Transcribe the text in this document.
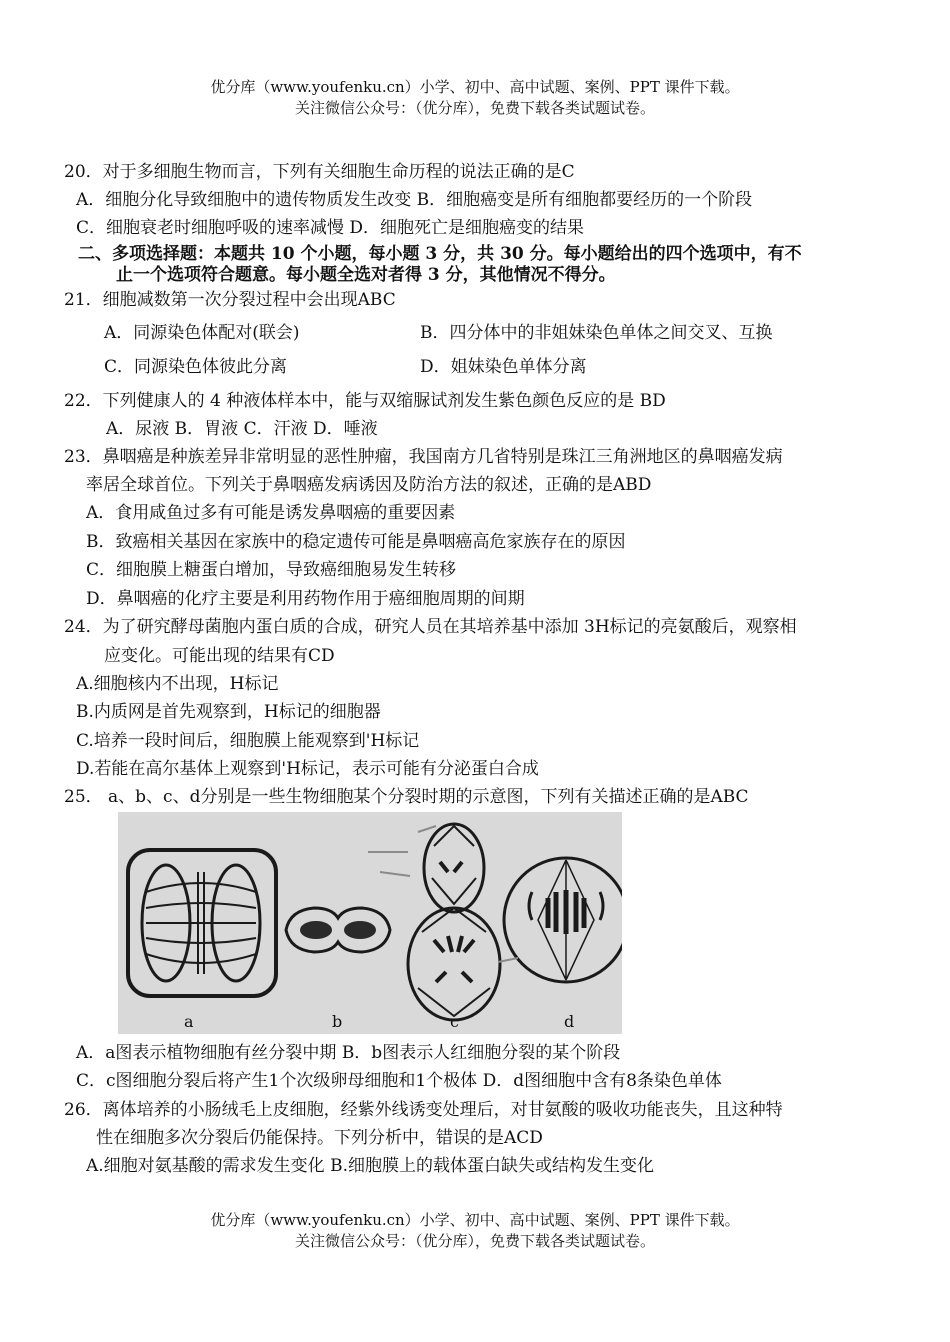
优分库（www.youfenku.cn）小学、初中、高中试题、案例、PPT 课件下载。
关注微信公众号：（优分库），免费下载各类试题试卷。
20．对于多细胞生物而言，下列有关细胞生命历程的说法正确的是C
A．细胞分化导致细胞中的遗传物质发生改变 B．细胞癌变是所有细胞都要经历的一个阶段
C．细胞衰老时细胞呼吸的速率减慢 D．细胞死亡是细胞癌变的结果
二、多项选择题：本题共 10 个小题，每小题 3 分，共 30 分。每小题给出的四个选项中，有不
止一个选项符合题意。每小题全选对者得 3 分，其他情况不得分。
21．细胞减数第一次分裂过程中会出现ABC
A．同源染色体配对(联会)	B．四分体中的非姐妹染色单体之间交叉、互换
C．同源染色体彼此分离	D．姐妹染色单体分离
22．下列健康人的 4 种液体样本中，能与双缩脲试剂发生紫色颜色反应的是 BD
A．尿液 B．胃液 C．汗液 D．唾液
23．鼻咽癌是种族差异非常明显的恶性肿瘤，我国南方几省特别是珠江三角洲地区的鼻咽癌发病
率居全球首位。下列关于鼻咽癌发病诱因及防治方法的叙述，正确的是ABD
A．食用咸鱼过多有可能是诱发鼻咽癌的重要因素
B．致癌相关基因在家族中的稳定遗传可能是鼻咽癌高危家族存在的原因
C．细胞膜上糖蛋白增加，导致癌细胞易发生转移
D．鼻咽癌的化疗主要是利用药物作用于癌细胞周期的间期
24．为了研究酵母菌胞内蛋白质的合成，研究人员在其培养基中添加 3H标记的亮氨酸后，观察相
应变化。可能出现的结果有CD
A.细胞核内不出现，H标记
B.内质网是首先观察到，H标记的细胞器
C.培养一段时间后，细胞膜上能观察到'H标记
D.若能在高尔基体上观察到'H标记，表示可能有分泌蛋白合成
25． a、b、c、d分别是一些生物细胞某个分裂时期的示意图，下列有关描述正确的是ABC
a	b	c	d
A．a图表示植物细胞有丝分裂中期 B．b图表示人红细胞分裂的某个阶段
C．c图细胞分裂后将产生1个次级卵母细胞和1个极体 D．d图细胞中含有8条染色单体
26．离体培养的小肠绒毛上皮细胞，经紫外线诱变处理后，对甘氨酸的吸收功能丧失，且这种特
性在细胞多次分裂后仍能保持。下列分析中，错误的是ACD
A.细胞对氨基酸的需求发生变化 B.细胞膜上的载体蛋白缺失或结构发生变化
优分库（www.youfenku.cn）小学、初中、高中试题、案例、PPT 课件下载。
关注微信公众号：（优分库），免费下载各类试题试卷。
